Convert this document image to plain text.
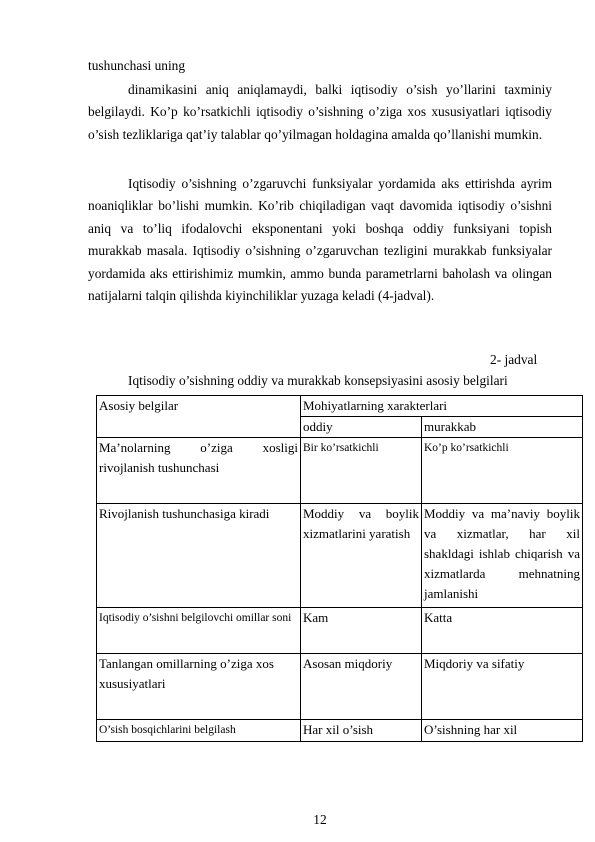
tushunchasi uning
dinamikasini aniq aniqlamaydi, balki iqtisodiy o’sish yo’llarini taxminiy belgilaydi. Ko’p ko’rsatkichli iqtisodiy o’sishning o’ziga xos xususiyatlari iqtisodiy o’sish tezliklariga qat’iy talablar qo’yilmagan holdagina amalda qo’llanishi mumkin.
Iqtisodiy o’sishning o’zgaruvchi funksiyalar yordamida aks ettirishda ayrim noaniqliklar bo’lishi mumkin. Ko’rib chiqiladigan vaqt davomida iqtisodiy o’sishni aniq va to’liq ifodalovchi eksponentani yoki boshqa oddiy funksiyani topish murakkab masala. Iqtisodiy o’sishning o’zgaruvchan tezligini murakkab funksiyalar yordamida aks ettirishimiz mumkin, ammo bunda parametrlarni baholash va olingan natijalarni talqin qilishda kiyinchiliklar yuzaga keladi (4-jadval).
2- jadval
Iqtisodiy o’sishning oddiy va murakkab konsepsiyasini asosiy belgilari
Asosiy belgilar	Mohiyatlarning xarakterlari	
	oddiy	murakkab
Ma’nolarning o’ziga xosligi rivojlanish tushunchasi	Bir ko’rsatkichli	Ko’p ko’rsatkichli
Rivojlanish tushunchasiga kiradi	Moddiy va boylik xizmatlarini yaratish	Moddiy va ma’naviy boylik va xizmatlar, har xil shakldagi ishlab chiqarish va xizmatlarda mehnatning jamlanishi
Iqtisodiy o’sishni belgilovchi omillar soni	Kam	Katta
Tanlangan omillarning o’ziga xos xususiyatlari	Asosan miqdoriy	Miqdoriy va sifatiy
O’sish bosqichlarini belgilash	Har xil o’sish	O’sishning har xil
12
